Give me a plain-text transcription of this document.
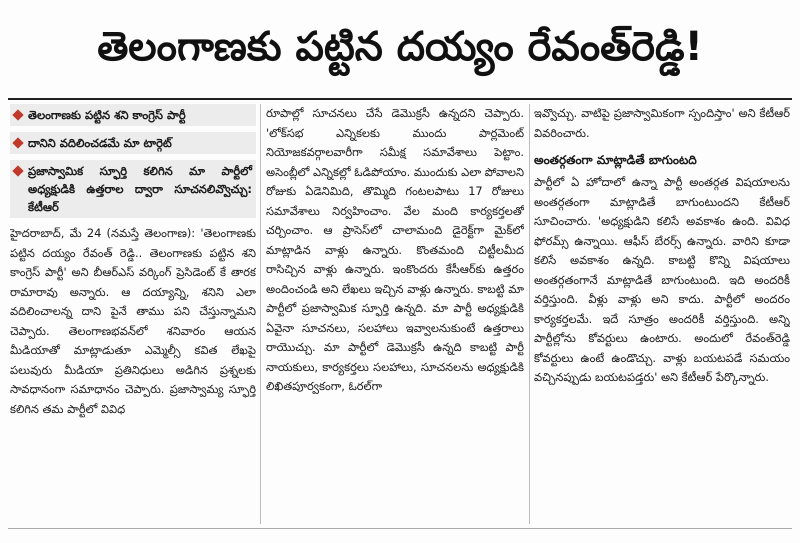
తెలంగాణకు పట్టిన దయ్యం రేవంత్‌రెడ్డి!
తెలంగాణకు పట్టిన శని కాంగ్రెస్ పార్టీ
దానిని వదిలించడమే మా టార్గెట్
ప్రజాస్వామిక స్ఫూర్తి కలిగిన మా పార్టీలో అధ్యక్షుడికి ఉత్తరాల ద్వారా సూచనలివ్వొచ్చు: కేటీఆర్

హైదరాబాద్, మే 24 (నమస్తే తెలంగాణ): 'తెలంగాణకు పట్టిన దయ్యం రేవంత్ రెడ్డి.. తెలంగాణకు పట్టిన శని కాంగ్రెస్ పార్టీ' అని బీఆర్‌ఎస్ వర్కింగ్ ప్రెసిడెంట్ కే తారక రామారావు అన్నారు. ఆ దయ్యాన్ని, శనిని ఎలా వదిలించాలన్న దాని పైనే తాము పని చేస్తున్నామని చెప్పారు. తెలంగాణభవన్‌లో శనివారం ఆయన మీడియాతో మాట్లాడుతూ ఎమ్మెల్సీ కవిత లేఖపై పలువురు మీడియా ప్రతినిధులు అడిగిన ప్రశ్నలకు సావధానంగా సమాధానం చెప్పారు. ప్రజాస్వామ్య స్ఫూర్తి కలిగిన తమ పార్టీలో వివిధ

రూపాల్లో సూచనలు చేసే డెమొక్రసీ ఉన్నదని చెప్పారు. 'లోక్‌సభ ఎన్నికలకు ముందు పార్లమెంట్ నియోజకవర్గాలవారీగా సమీక్ష సమావేశాలు పెట్టాం. అసెంబ్లీలో ఎన్నికల్లో ఓడిపోయాం. ముందుకు ఎలా పోవాలని రోజుకు ఏడెనిమిది, తొమ్మిది గంటలపాటు 17 రోజులు సమావేశాలు నిర్వహించాం. వేల మంది కార్యకర్తలతో చర్చించాం. ఆ ప్రాసెస్‌లో చాలామంది డైరెక్ట్‌గా మైక్‌లో మాట్లాడిన వాళ్లు ఉన్నారు. కొంతమంది చిట్టీలమీద రాసిచ్చిన వాళ్లు ఉన్నారు. ఇంకొందరు కేసీఆర్‌కు ఉత్తరం అందించండి అని లేఖలు ఇచ్చిన వాళ్లు ఉన్నారు. కాబట్టి మా పార్టీలో ప్రజాస్వామిక స్ఫూర్తి ఉన్నది. మా పార్టీ అధ్యక్షుడికి ఏవైనా సూచనలు, సలహాలు ఇవ్వాలనుకుంటే ఉత్తరాలు రాయొచ్చు. మా పార్టీలో డెమొక్రసీ ఉన్నది కాబట్టి పార్టీ నాయకులు, కార్యకర్తలు సలహాలు, సూచనలను అధ్యక్షుడికి లిఖితపూర్వకంగా, ఓరల్‌గా

ఇవ్వొచ్చు. వాటిపై ప్రజాస్వామికంగా స్పందిస్తాం' అని కేటీఆర్ వివరించారు.

అంతర్గతంగా మాట్లాడితే బాగుంటది

పార్టీలో ఏ హోదాలో ఉన్నా పార్టీ అంతర్గత విషయాలను అంతర్గతంగా మాట్లాడితే బాగుంటుందని కేటీఆర్ సూచించారు. 'అధ్యక్షుడిని కలిసే అవకాశం ఉంది. వివిధ ఫోరమ్స్ ఉన్నాయి. ఆఫీస్ బేరర్స్ ఉన్నారు. వారిని కూడా కలిసే అవకాశం ఉన్నది. కాబట్టి కొన్ని విషయాలు అంతర్గతంగానే మాట్లాడితే బాగుంటుంది. ఇది అందరికీ వర్తిస్తుంది. వీళ్లు వాళ్లు అని కాదు. పార్టీలో అందరం కార్యకర్తలమే. ఇదే సూత్రం అందరికీ వర్తిస్తుంది. అన్ని పార్టీల్లోను కోవర్టులు ఉంటారు. అందులో రేవంత్‌రెడ్డి కోవర్టులు ఉంటే ఉండొచ్చు. వాళ్లు బయటపడే సమయం వచ్చినప్పుడు బయటపడ్తరు' అని కేటీఆర్ పేర్కొన్నారు.
